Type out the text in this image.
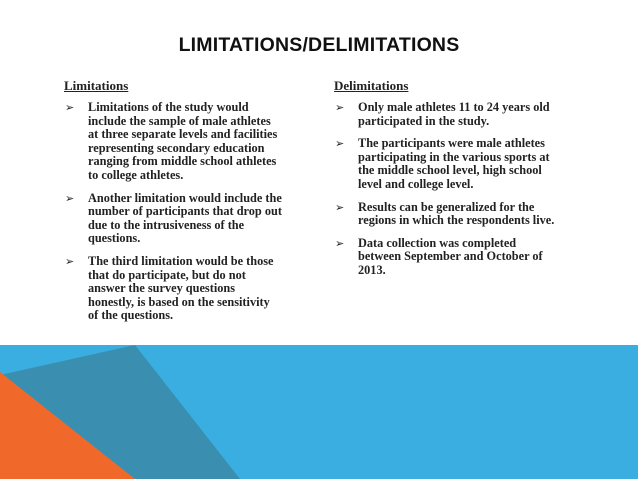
LIMITATIONS/DELIMITATIONS
Limitations
➢ Limitations of the study would include the sample of male athletes at three separate levels and facilities representing secondary education ranging from middle school athletes to college athletes.
➢ Another limitation would include the number of participants that drop out due to the intrusiveness of the questions.
➢ The third limitation would be those that do participate, but do not answer the survey questions honestly, is based on the sensitivity of the questions.
Delimitations
➢ Only male athletes 11 to 24 years old participated in the study.
➢ The participants were male athletes participating in the various sports at the middle school level, high school level and college level.
➢ Results can be generalized for the regions in which the respondents live.
➢ Data collection was completed between September and October of 2013.
